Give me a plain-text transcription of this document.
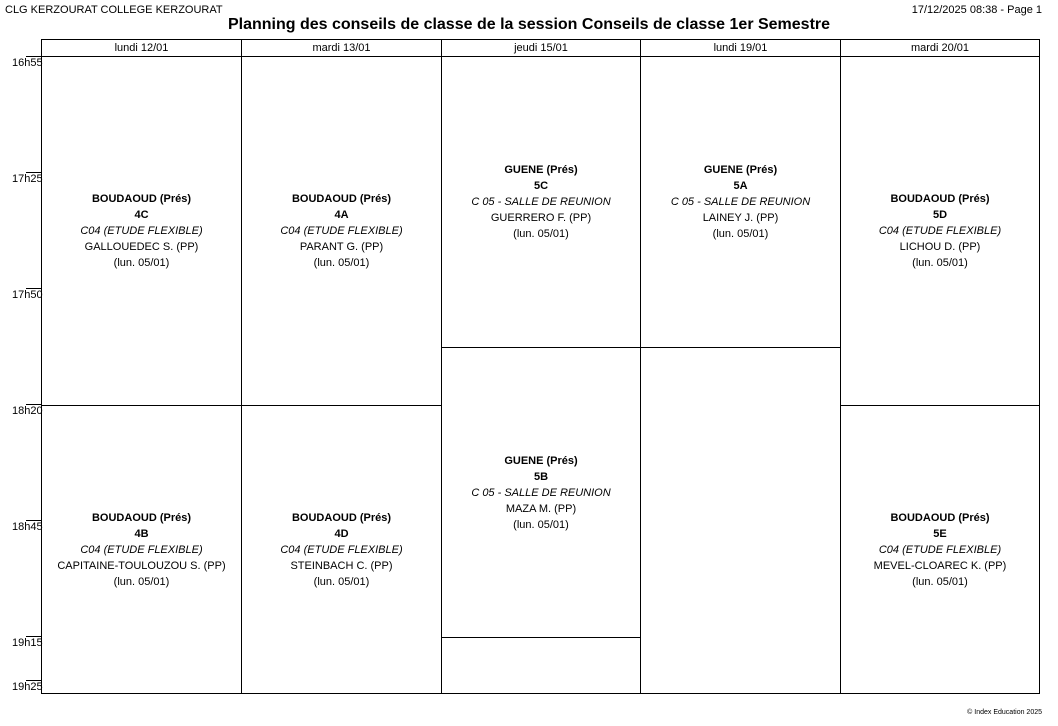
CLG KERZOURAT COLLEGE KERZOURAT	17/12/2025 08:38 - Page 1
Planning des conseils de classe de la session Conseils de classe 1er Semestre
16h55
17h25
17h50
18h20
18h45
19h15
19h25
lundi 12/01
BOUDAOUD (Prés)
4C
C04 (ETUDE FLEXIBLE)
GALLOUEDEC S. (PP)
(lun. 05/01)
BOUDAOUD (Prés)
4B
C04 (ETUDE FLEXIBLE)
CAPITAINE-TOULOUZOU S. (PP)
(lun. 05/01)
mardi 13/01
BOUDAOUD (Prés)
4A
C04 (ETUDE FLEXIBLE)
PARANT G. (PP)
(lun. 05/01)
BOUDAOUD (Prés)
4D
C04 (ETUDE FLEXIBLE)
STEINBACH C. (PP)
(lun. 05/01)
jeudi 15/01
GUENE (Prés)
5C
C 05 - SALLE DE REUNION
GUERRERO F. (PP)
(lun. 05/01)
GUENE (Prés)
5B
C 05 - SALLE DE REUNION
MAZA M. (PP)
(lun. 05/01)
lundi 19/01
GUENE (Prés)
5A
C 05 - SALLE DE REUNION
LAINEY J. (PP)
(lun. 05/01)
mardi 20/01
BOUDAOUD (Prés)
5D
C04 (ETUDE FLEXIBLE)
LICHOU D. (PP)
(lun. 05/01)
BOUDAOUD (Prés)
5E
C04 (ETUDE FLEXIBLE)
MEVEL-CLOAREC K. (PP)
(lun. 05/01)
© Index Education 2025
